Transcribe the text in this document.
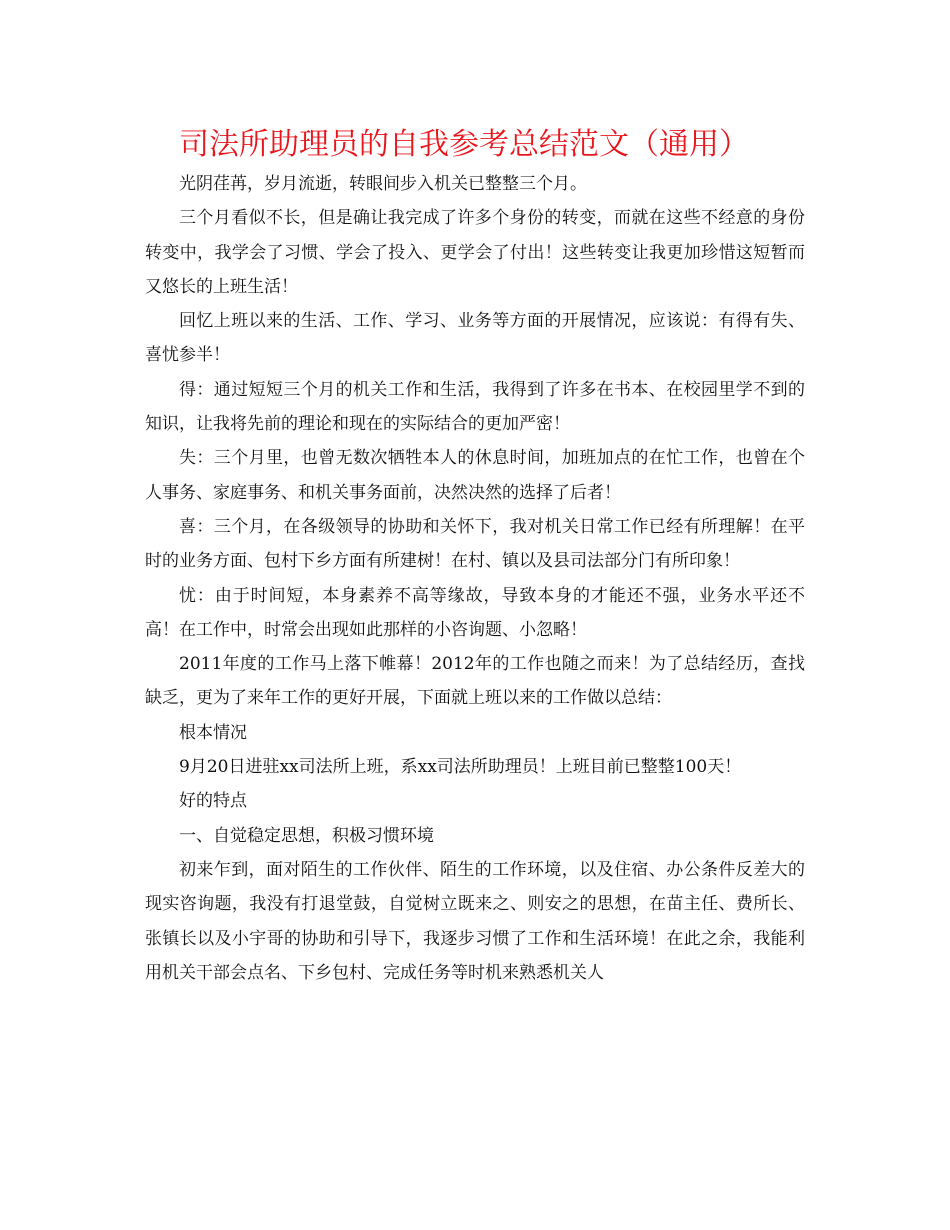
司法所助理员的自我参考总结范文（通用）

光阴荏苒，岁月流逝，转眼间步入机关已整整三个月。

三个月看似不长，但是确让我完成了许多个身份的转变，而就在这些不经意的身份转变中，我学会了习惯、学会了投入、更学会了付出！这些转变让我更加珍惜这短暂而又悠长的上班生活！

回忆上班以来的生活、工作、学习、业务等方面的开展情况，应该说：有得有失、喜忧参半！

得：通过短短三个月的机关工作和生活，我得到了许多在书本、在校园里学不到的知识，让我将先前的理论和现在的实际结合的更加严密！

失：三个月里，也曾无数次牺牲本人的休息时间，加班加点的在忙工作，也曾在个人事务、家庭事务、和机关事务面前，决然决然的选择了后者！

喜：三个月，在各级领导的协助和关怀下，我对机关日常工作已经有所理解！在平时的业务方面、包村下乡方面有所建树！在村、镇以及县司法部分门有所印象！

忧：由于时间短，本身素养不高等缘故，导致本身的才能还不强，业务水平还不高！在工作中，时常会出现如此那样的小咨询题、小忽略！

2011年度的工作马上落下帷幕！2012年的工作也随之而来！为了总结经历，查找缺乏，更为了来年工作的更好开展，下面就上班以来的工作做以总结：

根本情况

9月20日进驻xx司法所上班，系xx司法所助理员！上班目前已整整100天！

好的特点

一、自觉稳定思想，积极习惯环境

初来乍到，面对陌生的工作伙伴、陌生的工作环境，以及住宿、办公条件反差大的现实咨询题，我没有打退堂鼓，自觉树立既来之、则安之的思想，在苗主任、费所长、张镇长以及小宇哥的协助和引导下，我逐步习惯了工作和生活环境！在此之余，我能利用机关干部会点名、下乡包村、完成任务等时机来熟悉机关人
